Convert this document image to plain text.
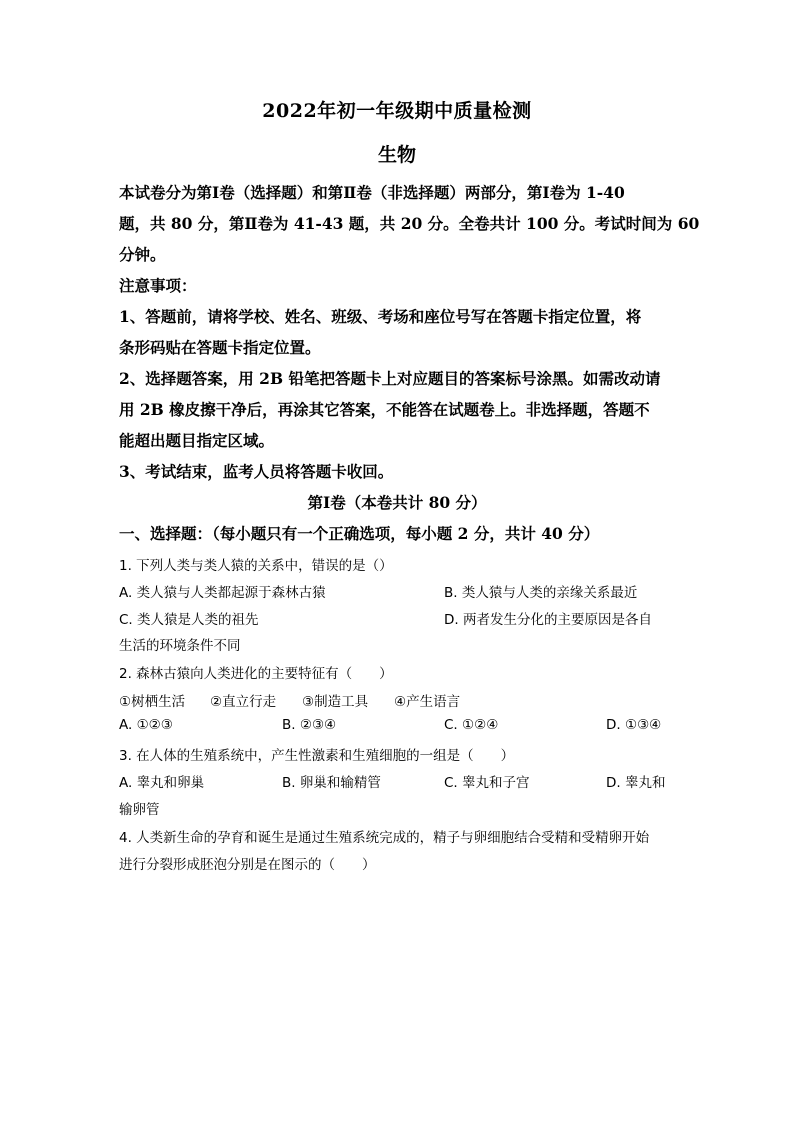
2022年初一年级期中质量检测
生物
本试卷分为第Ⅰ卷（选择题）和第Ⅱ卷（非选择题）两部分，第Ⅰ卷为 1-40
题，共 80 分，第Ⅱ卷为 41-43 题，共 20 分。全卷共计 100 分。考试时间为 60
分钟。
注意事项：
1、答题前，请将学校、姓名、班级、考场和座位号写在答题卡指定位置，将
条形码贴在答题卡指定位置。
2、选择题答案，用 2B 铅笔把答题卡上对应题目的答案标号涂黑。如需改动请
用 2B 橡皮擦干净后，再涂其它答案，不能答在试题卷上。非选择题，答题不
能超出题目指定区域。
3、考试结束，监考人员将答题卡收回。
第Ⅰ卷（本卷共计 80 分）
一、选择题：（每小题只有一个正确选项，每小题 2 分，共计 40 分）
1. 下列人类与类人猿的关系中，错误的是（）
A. 类人猿与人类都起源于森林古猿	B. 类人猿与人类的亲缘关系最近
C. 类人猿是人类的祖先	D. 两者发生分化的主要原因是各自
生活的环境条件不同
2. 森林古猿向人类进化的主要特征有（　　）
①树栖生活 ②直立行走 ③制造工具 ④产生语言
A. ①②③	B. ②③④	C. ①②④	D. ①③④
3. 在人体的生殖系统中，产生性激素和生殖细胞的一组是（　　）
A. 睾丸和卵巢	B. 卵巢和输精管	C. 睾丸和子宫	D. 睾丸和
输卵管
4. 人类新生命的孕育和诞生是通过生殖系统完成的，精子与卵细胞结合受精和受精卵开始
进行分裂形成胚泡分别是在图示的（　　）
